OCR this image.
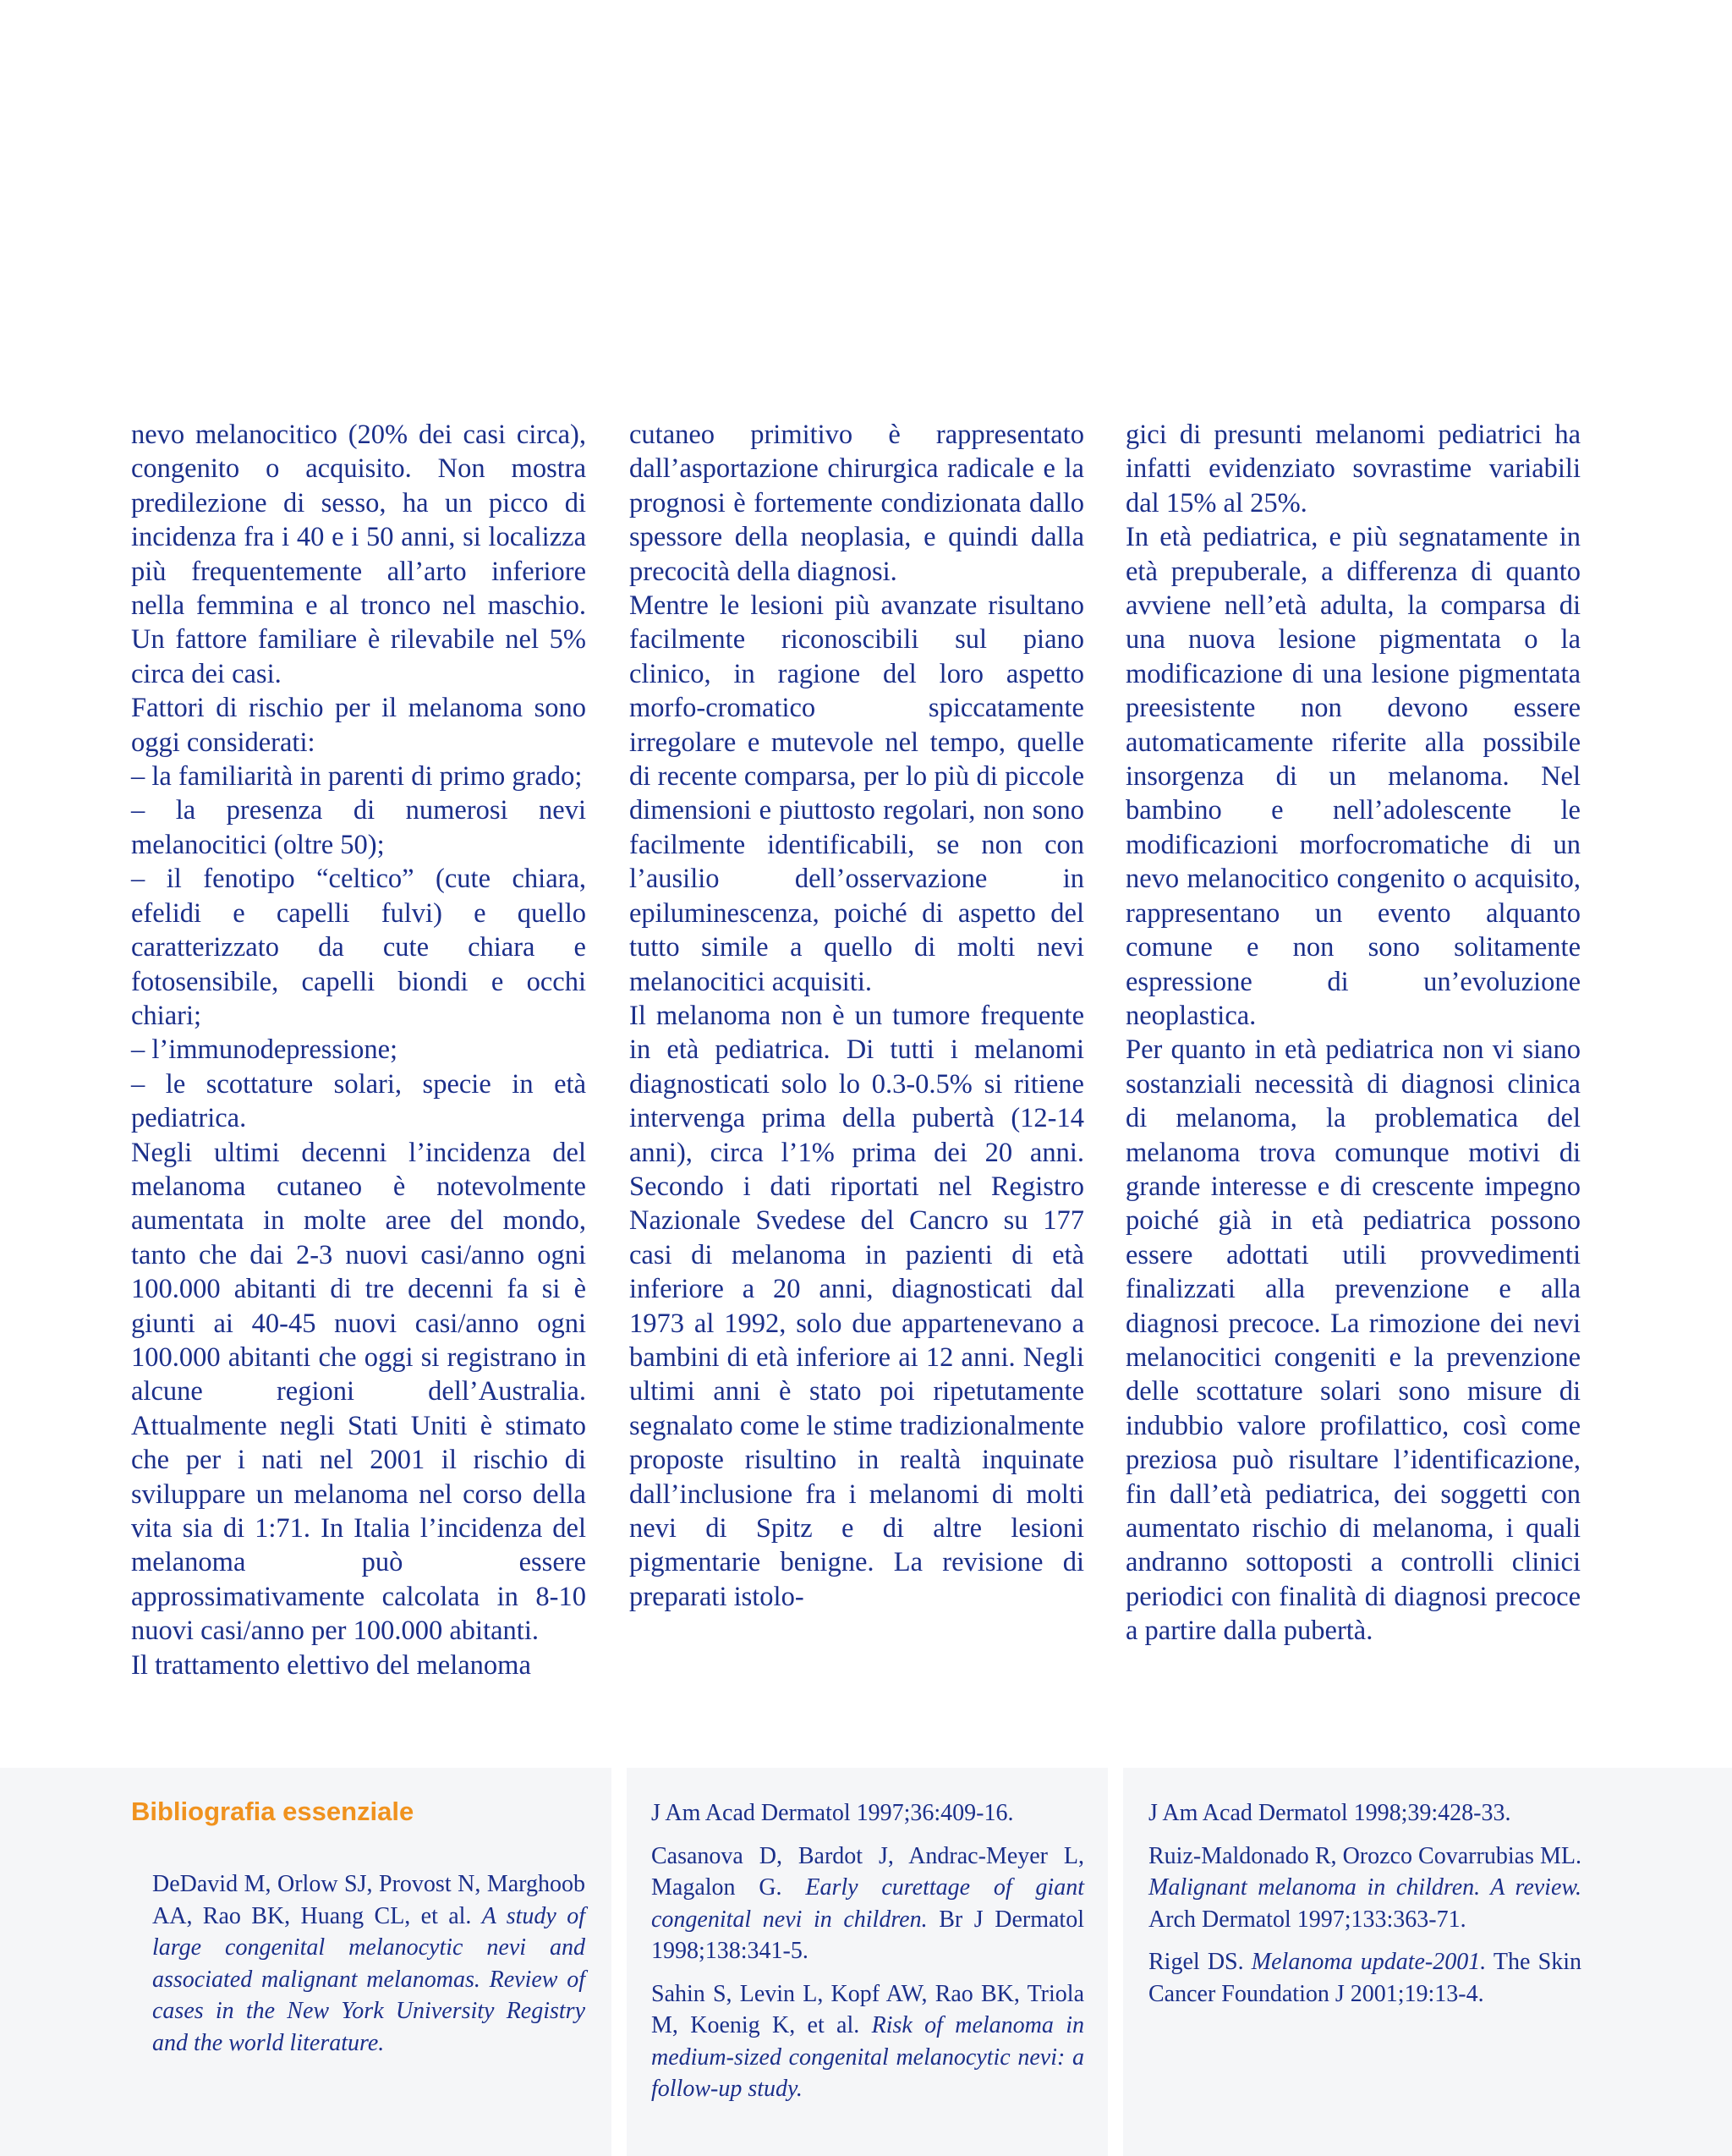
nevo melanocitico (20% dei casi circa), congenito o acquisito. Non mostra predilezione di sesso, ha un picco di incidenza fra i 40 e i 50 anni, si localizza più frequentemente all’arto inferiore nella femmina e al tronco nel maschio. Un fattore familiare è rilevabile nel 5% circa dei casi.

Fattori di rischio per il melanoma sono oggi considerati:

– la familiarità in parenti di primo grado;

– la presenza di numerosi nevi melanocitici (oltre 50);

– il fenotipo “celtico” (cute chiara, efelidi e capelli fulvi) e quello caratterizzato da cute chiara e fotosensibile, capelli biondi e occhi chiari;

– l’immunodepressione;

– le scottature solari, specie in età pediatrica.

Negli ultimi decenni l’incidenza del melanoma cutaneo è notevolmente aumentata in molte aree del mondo, tanto che dai 2-3 nuovi casi/anno ogni 100.000 abitanti di tre decenni fa si è giunti ai 40-45 nuovi casi/anno ogni 100.000 abitanti che oggi si registrano in alcune regioni dell’Australia. Attualmente negli Stati Uniti è stimato che per i nati nel 2001 il rischio di sviluppare un melanoma nel corso della vita sia di 1:71. In Italia l’incidenza del melanoma può essere approssimativamente calcolata in 8-10 nuovi casi/anno per 100.000 abitanti.

Il trattamento elettivo del melanoma

cutaneo primitivo è rappresentato dall’asportazione chirurgica radicale e la prognosi è fortemente condizionata dallo spessore della neoplasia, e quindi dalla precocità della diagnosi.

Mentre le lesioni più avanzate risultano facilmente riconoscibili sul piano clinico, in ragione del loro aspetto morfo-cromatico spiccatamente irregolare e mutevole nel tempo, quelle di recente comparsa, per lo più di piccole dimensioni e piuttosto regolari, non sono facilmente identificabili, se non con l’ausilio dell’osservazione in epiluminescenza, poiché di aspetto del tutto simile a quello di molti nevi melanocitici acquisiti.

Il melanoma non è un tumore frequente in età pediatrica. Di tutti i melanomi diagnosticati solo lo 0.3-0.5% si ritiene intervenga prima della pubertà (12-14 anni), circa l’1% prima dei 20 anni. Secondo i dati riportati nel Registro Nazionale Svedese del Cancro su 177 casi di melanoma in pazienti di età inferiore a 20 anni, diagnosticati dal 1973 al 1992, solo due appartenevano a bambini di età inferiore ai 12 anni. Negli ultimi anni è stato poi ripetutamente segnalato come le stime tradizionalmente proposte risultino in realtà inquinate dall’inclusione fra i melanomi di molti nevi di Spitz e di altre lesioni pigmentarie benigne. La revisione di preparati istolo-

gici di presunti melanomi pediatrici ha infatti evidenziato sovrastime variabili dal 15% al 25%.

In età pediatrica, e più segnatamente in età prepuberale, a differenza di quanto avviene nell’età adulta, la comparsa di una nuova lesione pigmentata o la modificazione di una lesione pigmentata preesistente non devono essere automaticamente riferite alla possibile insorgenza di un melanoma. Nel bambino e nell’adolescente le modificazioni morfocromatiche di un nevo melanocitico congenito o acquisito, rappresentano un evento alquanto comune e non sono solitamente espressione di un’evoluzione neoplastica.

Per quanto in età pediatrica non vi siano sostanziali necessità di diagnosi clinica di melanoma, la problematica del melanoma trova comunque motivi di grande interesse e di crescente impegno poiché già in età pediatrica possono essere adottati utili provvedimenti finalizzati alla prevenzione e alla diagnosi precoce. La rimozione dei nevi melanocitici congeniti e la prevenzione delle scottature solari sono misure di indubbio valore profilattico, così come preziosa può risultare l’identificazione, fin dall’età pediatrica, dei soggetti con aumentato rischio di melanoma, i quali andranno sottoposti a controlli clinici periodici con finalità di diagnosi precoce a partire dalla pubertà.

Bibliografia essenziale

DeDavid M, Orlow SJ, Provost N, Marghoob AA, Rao BK, Huang CL, et al. A study of large congenital melanocytic nevi and associated malignant melanomas. Review of cases in the New York University Registry and the world literature.

J Am Acad Dermatol 1997;36:409-16.

Casanova D, Bardot J, Andrac-Meyer L, Magalon G. Early curettage of giant congenital nevi in children. Br J Dermatol 1998;138:341-5.

Sahin S, Levin L, Kopf AW, Rao BK, Triola M, Koenig K, et al. Risk of melanoma in medium-sized congenital melanocytic nevi: a follow-up study.

J Am Acad Dermatol 1998;39:428-33.

Ruiz-Maldonado R, Orozco Covarrubias ML. Malignant melanoma in children. A review. Arch Dermatol 1997;133:363-71.

Rigel DS. Melanoma update-2001. The Skin Cancer Foundation J 2001;19:13-4.
